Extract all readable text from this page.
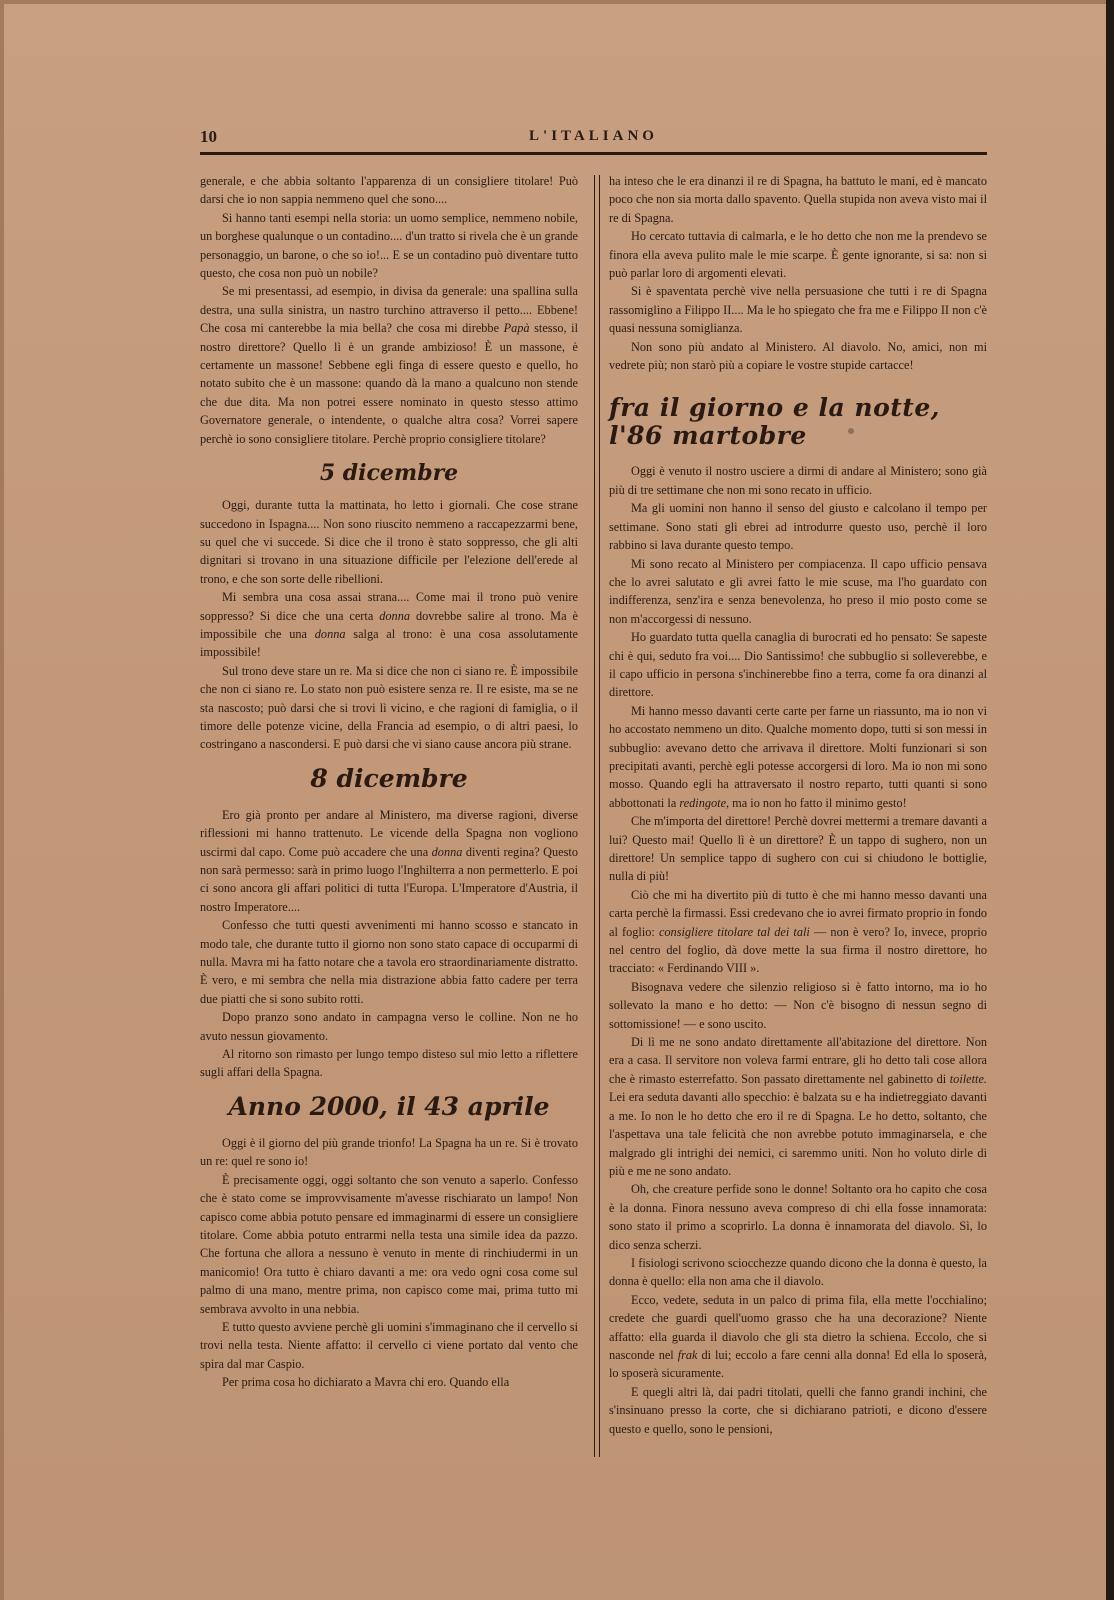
10	L'ITALIANO

generale, e che abbia soltanto l'apparenza di un consigliere titolare! Può darsi che io non sappia nemmeno quel che sono....

Si hanno tanti esempi nella storia: un uomo semplice, nemmeno nobile, un borghese qualunque o un contadino.... d'un tratto si rivela che è un grande personaggio, un barone, o che so io!... E se un contadino può diventare tutto questo, che cosa non può un nobile?

Se mi presentassi, ad esempio, in divisa da generale: una spallina sulla destra, una sulla sinistra, un nastro turchino attraverso il petto.... Ebbene! Che cosa mi canterebbe la mia bella? che cosa mi direbbe Papà stesso, il nostro direttore? Quello lì è un grande ambizioso! È un massone, è certamente un massone! Sebbene egli finga di essere questo e quello, ho notato subito che è un massone: quando dà la mano a qualcuno non stende che due dita. Ma non potrei essere nominato in questo stesso attimo Governatore generale, o intendente, o qualche altra cosa? Vorrei sapere perchè io sono consigliere titolare. Perchè proprio consigliere titolare?

5 dicembre

Oggi, durante tutta la mattinata, ho letto i giornali. Che cose strane succedono in Ispagna.... Non sono riuscito nemmeno a raccapezzarmi bene, su quel che vi succede. Si dice che il trono è stato soppresso, che gli alti dignitari si trovano in una situazione difficile per l'elezione dell'erede al trono, e che son sorte delle ribellioni.

Mi sembra una cosa assai strana.... Come mai il trono può venire soppresso? Si dice che una certa donna dovrebbe salire al trono. Ma è impossibile che una donna salga al trono: è una cosa assolutamente impossibile!

Sul trono deve stare un re. Ma si dice che non ci siano re. È impossibile che non ci siano re. Lo stato non può esistere senza re. Il re esiste, ma se ne sta nascosto; può darsi che si trovi lì vicino, e che ragioni di famiglia, o il timore delle potenze vicine, della Francia ad esempio, o di altri paesi, lo costringano a nascondersi. E può darsi che vi siano cause ancora più strane.

8 dicembre

Ero già pronto per andare al Ministero, ma diverse ragioni, diverse riflessioni mi hanno trattenuto. Le vicende della Spagna non vogliono uscirmi dal capo. Come può accadere che una donna diventi regina? Questo non sarà permesso: sarà in primo luogo l'Inghilterra a non permetterlo. E poi ci sono ancora gli affari politici di tutta l'Europa. L'Imperatore d'Austria, il nostro Imperatore....

Confesso che tutti questi avvenimenti mi hanno scosso e stancato in modo tale, che durante tutto il giorno non sono stato capace di occuparmi di nulla. Mavra mi ha fatto notare che a tavola ero straordinariamente distratto. È vero, e mi sembra che nella mia distrazione abbia fatto cadere per terra due piatti che si sono subito rotti.

Dopo pranzo sono andato in campagna verso le colline. Non ne ho avuto nessun giovamento.

Al ritorno son rimasto per lungo tempo disteso sul mio letto a riflettere sugli affari della Spagna.

Anno 2000, il 43 aprile

Oggi è il giorno del più grande trionfo! La Spagna ha un re. Si è trovato un re: quel re sono io!

È precisamente oggi, oggi soltanto che son venuto a saperlo. Confesso che è stato come se improvvisamente m'avesse rischiarato un lampo! Non capisco come abbia potuto pensare ed immaginarmi di essere un consigliere titolare. Come abbia potuto entrarmi nella testa una simile idea da pazzo. Che fortuna che allora a nessuno è venuto in mente di rinchiudermi in un manicomio! Ora tutto è chiaro davanti a me: ora vedo ogni cosa come sul palmo di una mano, mentre prima, non capisco come mai, prima tutto mi sembrava avvolto in una nebbia.

E tutto questo avviene perchè gli uomini s'immaginano che il cervello si trovi nella testa. Niente affatto: il cervello ci viene portato dal vento che spira dal mar Caspio.

Per prima cosa ho dichiarato a Mavra chi ero. Quando ella

ha inteso che le era dinanzi il re di Spagna, ha battuto le mani, ed è mancato poco che non sia morta dallo spavento. Quella stupida non aveva visto mai il re di Spagna.

Ho cercato tuttavia di calmarla, e le ho detto che non me la prendevo se finora ella aveva pulito male le mie scarpe. È gente ignorante, si sa: non si può parlar loro di argomenti elevati.

Si è spaventata perchè vive nella persuasione che tutti i re di Spagna rassomiglino a Filippo II.... Ma le ho spiegato che fra me e Filippo II non c'è quasi nessuna somiglianza.

Non sono più andato al Ministero. Al diavolo. No, amici, non mi vedrete più; non starò più a copiare le vostre stupide cartacce!

fra il giorno e la notte, l'86 martobre

Oggi è venuto il nostro usciere a dirmi di andare al Ministero; sono già più di tre settimane che non mi sono recato in ufficio.

Ma gli uomini non hanno il senso del giusto e calcolano il tempo per settimane. Sono stati gli ebrei ad introdurre questo uso, perchè il loro rabbino si lava durante questo tempo.

Mi sono recato al Ministero per compiacenza. Il capo ufficio pensava che lo avrei salutato e gli avrei fatto le mie scuse, ma l'ho guardato con indifferenza, senz'ira e senza benevolenza, ho preso il mio posto come se non m'accorgessi di nessuno.

Ho guardato tutta quella canaglia di burocrati ed ho pensato: Se sapeste chi è qui, seduto fra voi.... Dio Santissimo! che subbuglio si solleverebbe, e il capo ufficio in persona s'inchinerebbe fino a terra, come fa ora dinanzi al direttore.

Mi hanno messo davanti certe carte per farne un riassunto, ma io non vi ho accostato nemmeno un dito. Qualche momento dopo, tutti si son messi in subbuglio: avevano detto che arrivava il direttore. Molti funzionari si son precipitati avanti, perchè egli potesse accorgersi di loro. Ma io non mi sono mosso. Quando egli ha attraversato il nostro reparto, tutti quanti si sono abbottonati la redingote, ma io non ho fatto il minimo gesto!

Che m'importa del direttore! Perchè dovrei mettermi a tremare davanti a lui? Questo mai! Quello lì è un direttore? È un tappo di sughero, non un direttore! Un semplice tappo di sughero con cui si chiudono le bottiglie, nulla di più!

Ciò che mi ha divertito più di tutto è che mi hanno messo davanti una carta perchè la firmassi. Essi credevano che io avrei firmato proprio in fondo al foglio: consigliere titolare tal dei tali — non è vero? Io, invece, proprio nel centro del foglio, dà dove mette la sua firma il nostro direttore, ho tracciato: « Ferdinando VIII ».

Bisognava vedere che silenzio religioso si è fatto intorno, ma io ho sollevato la mano e ho detto: — Non c'è bisogno di nessun segno di sottomissione! — e sono uscito.

Di lì me ne sono andato direttamente all'abitazione del direttore. Non era a casa. Il servitore non voleva farmi entrare, gli ho detto tali cose allora che è rimasto esterrefatto. Son passato direttamente nel gabinetto di toilette. Lei era seduta davanti allo specchio: è balzata su e ha indietreggiato davanti a me. Io non le ho detto che ero il re di Spagna. Le ho detto, soltanto, che l'aspettava una tale felicità che non avrebbe potuto immaginarsela, e che malgrado gli intrighi dei nemici, ci saremmo uniti. Non ho voluto dirle di più e me ne sono andato.

Oh, che creature perfide sono le donne! Soltanto ora ho capito che cosa è la donna. Finora nessuno aveva compreso di chi ella fosse innamorata: sono stato il primo a scoprirlo. La donna è innamorata del diavolo. Sì, lo dico senza scherzi.

I fisiologi scrivono sciocchezze quando dicono che la donna è questo, la donna è quello: ella non ama che il diavolo.

Ecco, vedete, seduta in un palco di prima fila, ella mette l'occhialino; credete che guardi quell'uomo grasso che ha una decorazione? Niente affatto: ella guarda il diavolo che gli sta dietro la schiena. Eccolo, che si nasconde nel frak di lui; eccolo a fare cenni alla donna! Ed ella lo sposerà, lo sposerà sicuramente.

E quegli altri là, dai padri titolati, quelli che fanno grandi inchini, che s'insinuano presso la corte, che si dichiarano patrioti, e dicono d'essere questo e quello, sono le pensioni,
